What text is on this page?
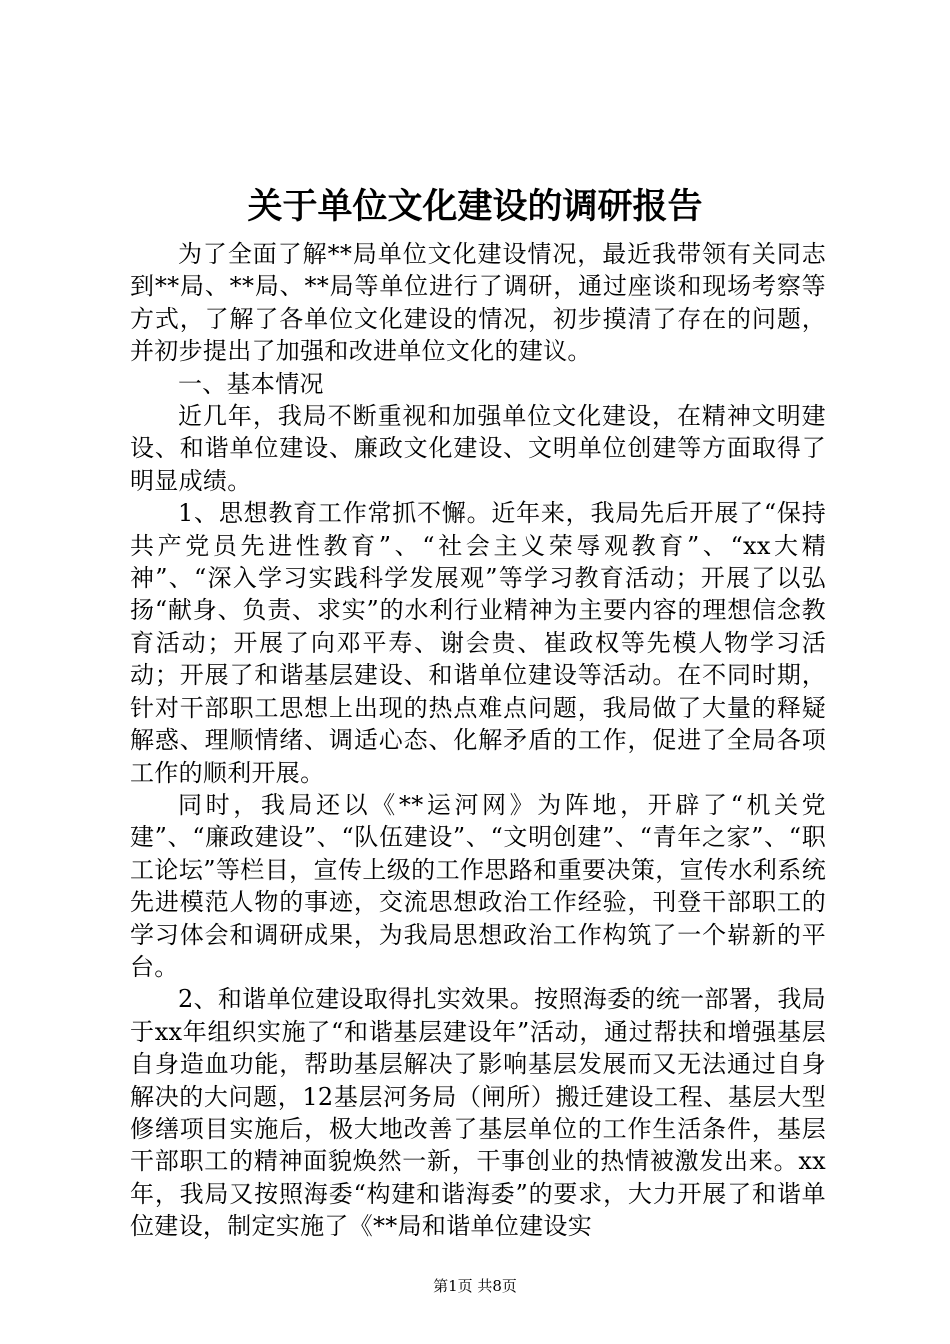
关于单位文化建设的调研报告

为了全面了解**局单位文化建设情况，最近我带领有关同志到**局、**局、**局等单位进行了调研，通过座谈和现场考察等方式，了解了各单位文化建设的情况，初步摸清了存在的问题，并初步提出了加强和改进单位文化的建议。

一、基本情况

近几年，我局不断重视和加强单位文化建设，在精神文明建设、和谐单位建设、廉政文化建设、文明单位创建等方面取得了明显成绩。

1、思想教育工作常抓不懈。近年来，我局先后开展了“保持共产党员先进性教育”、“社会主义荣辱观教育”、“xx大精神”、“深入学习实践科学发展观”等学习教育活动；开展了以弘扬“献身、负责、求实”的水利行业精神为主要内容的理想信念教育活动；开展了向邓平寿、谢会贵、崔政权等先模人物学习活动；开展了和谐基层建设、和谐单位建设等活动。在不同时期，针对干部职工思想上出现的热点难点问题，我局做了大量的释疑解惑、理顺情绪、调适心态、化解矛盾的工作，促进了全局各项工作的顺利开展。

同时，我局还以《**运河网》为阵地，开辟了“机关党建”、“廉政建设”、“队伍建设”、“文明创建”、“青年之家”、“职工论坛”等栏目，宣传上级的工作思路和重要决策，宣传水利系统先进模范人物的事迹，交流思想政治工作经验，刊登干部职工的学习体会和调研成果，为我局思想政治工作构筑了一个崭新的平台。

2、和谐单位建设取得扎实效果。按照海委的统一部署，我局于xx年组织实施了“和谐基层建设年”活动，通过帮扶和增强基层自身造血功能，帮助基层解决了影响基层发展而又无法通过自身解决的大问题，12基层河务局（闸所）搬迁建设工程、基层大型修缮项目实施后，极大地改善了基层单位的工作生活条件，基层干部职工的精神面貌焕然一新，干事创业的热情被激发出来。xx年，我局又按照海委“构建和谐海委”的要求，大力开展了和谐单位建设，制定实施了《**局和谐单位建设实

第1页 共8页
